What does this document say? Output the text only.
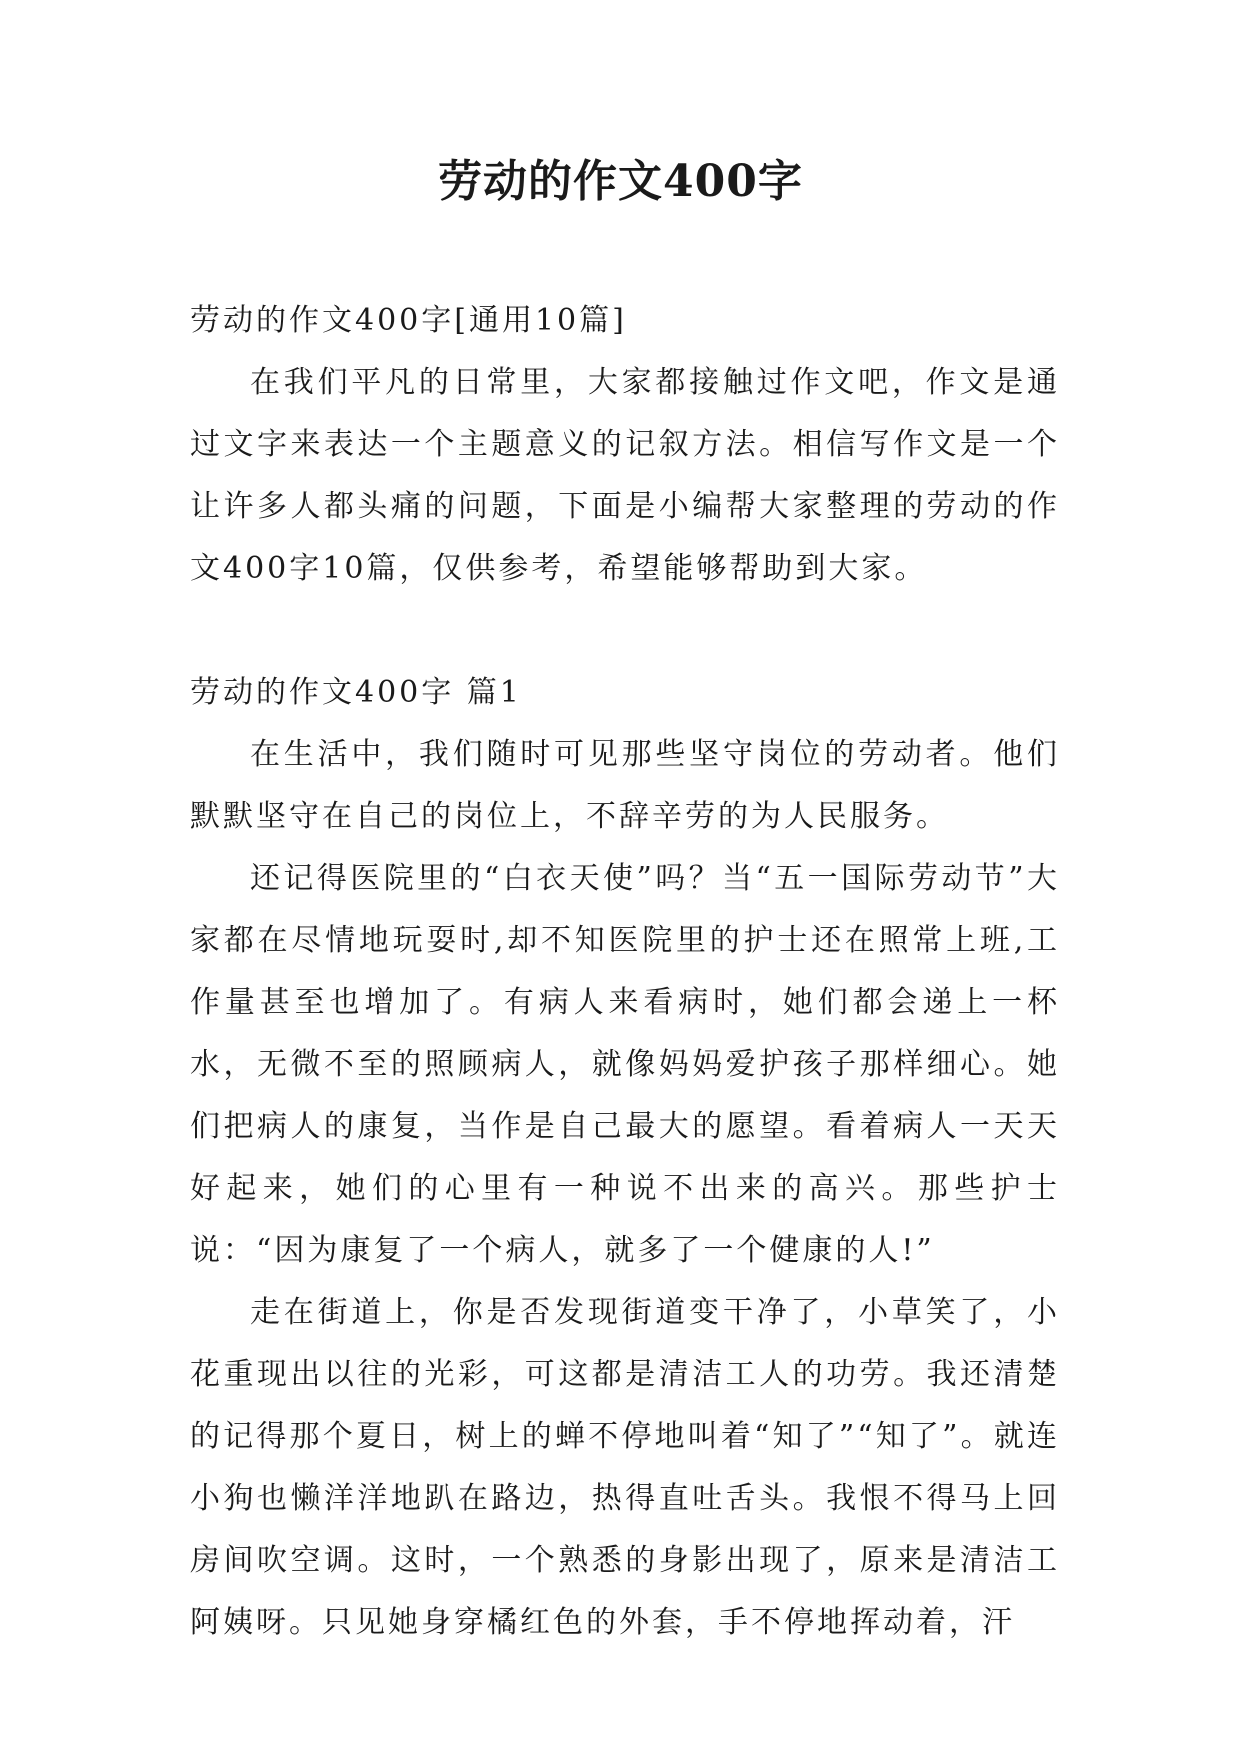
劳动的作文400字

劳动的作文400字[通用10篇]

在我们平凡的日常里，大家都接触过作文吧，作文是通过文字来表达一个主题意义的记叙方法。相信写作文是一个让许多人都头痛的问题，下面是小编帮大家整理的劳动的作文400字10篇，仅供参考，希望能够帮助到大家。

劳动的作文400字 篇1

在生活中，我们随时可见那些坚守岗位的劳动者。他们默默坚守在自己的岗位上，不辞辛劳的为人民服务。

还记得医院里的“白衣天使”吗？当“五一国际劳动节”大家都在尽情地玩耍时,却不知医院里的护士还在照常上班,工作量甚至也增加了。有病人来看病时，她们都会递上一杯水，无微不至的照顾病人，就像妈妈爱护孩子那样细心。她们把病人的康复，当作是自己最大的愿望。看着病人一天天好起来，她们的心里有一种说不出来的高兴。那些护士说：“因为康复了一个病人，就多了一个健康的人!”

走在街道上，你是否发现街道变干净了，小草笑了，小花重现出以往的光彩，可这都是清洁工人的功劳。我还清楚的记得那个夏日，树上的蝉不停地叫着“知了”“知了”。就连小狗也懒洋洋地趴在路边，热得直吐舌头。我恨不得马上回房间吹空调。这时，一个熟悉的身影出现了，原来是清洁工阿姨呀。只见她身穿橘红色的外套，手不停地挥动着，汗
